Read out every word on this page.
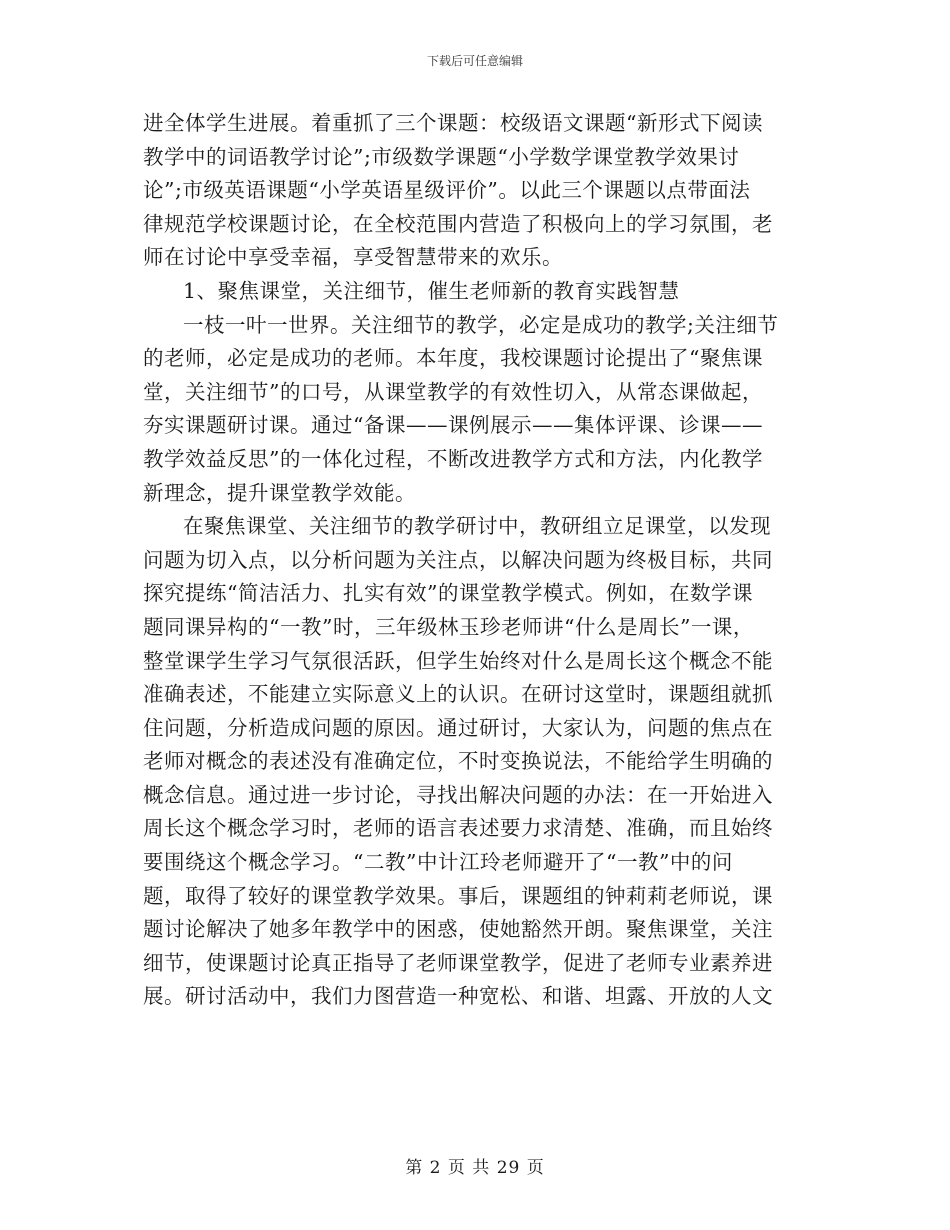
下载后可任意编辑
进全体学生进展。着重抓了三个课题：校级语文课题“新形式下阅读
教学中的词语教学讨论”;市级数学课题“小学数学课堂教学效果讨
论”;市级英语课题“小学英语星级评价”。以此三个课题以点带面法
律规范学校课题讨论，在全校范围内营造了积极向上的学习氛围，老
师在讨论中享受幸福，享受智慧带来的欢乐。
1、聚焦课堂，关注细节，催生老师新的教育实践智慧
一枝一叶一世界。关注细节的教学，必定是成功的教学;关注细节
的老师，必定是成功的老师。本年度，我校课题讨论提出了“聚焦课
堂，关注细节”的口号，从课堂教学的有效性切入，从常态课做起，
夯实课题研讨课。通过“备课——课例展示——集体评课、诊课——
教学效益反思”的一体化过程，不断改进教学方式和方法，内化教学
新理念，提升课堂教学效能。
在聚焦课堂、关注细节的教学研讨中，教研组立足课堂，以发现
问题为切入点，以分析问题为关注点，以解决问题为终极目标，共同
探究提练“简洁活力、扎实有效”的课堂教学模式。例如，在数学课
题同课异构的“一教”时，三年级林玉珍老师讲“什么是周长”一课，
整堂课学生学习气氛很活跃，但学生始终对什么是周长这个概念不能
准确表述，不能建立实际意义上的认识。在研讨这堂时，课题组就抓
住问题，分析造成问题的原因。通过研讨，大家认为，问题的焦点在
老师对概念的表述没有准确定位，不时变换说法，不能给学生明确的
概念信息。通过进一步讨论，寻找出解决问题的办法：在一开始进入
周长这个概念学习时，老师的语言表述要力求清楚、准确，而且始终
要围绕这个概念学习。“二教”中计江玲老师避开了“一教”中的问
题，取得了较好的课堂教学效果。事后，课题组的钟莉莉老师说，课
题讨论解决了她多年教学中的困惑，使她豁然开朗。聚焦课堂，关注
细节，使课题讨论真正指导了老师课堂教学，促进了老师专业素养进
展。研讨活动中，我们力图营造一种宽松、和谐、坦露、开放的人文
第 2 页 共 29 页
